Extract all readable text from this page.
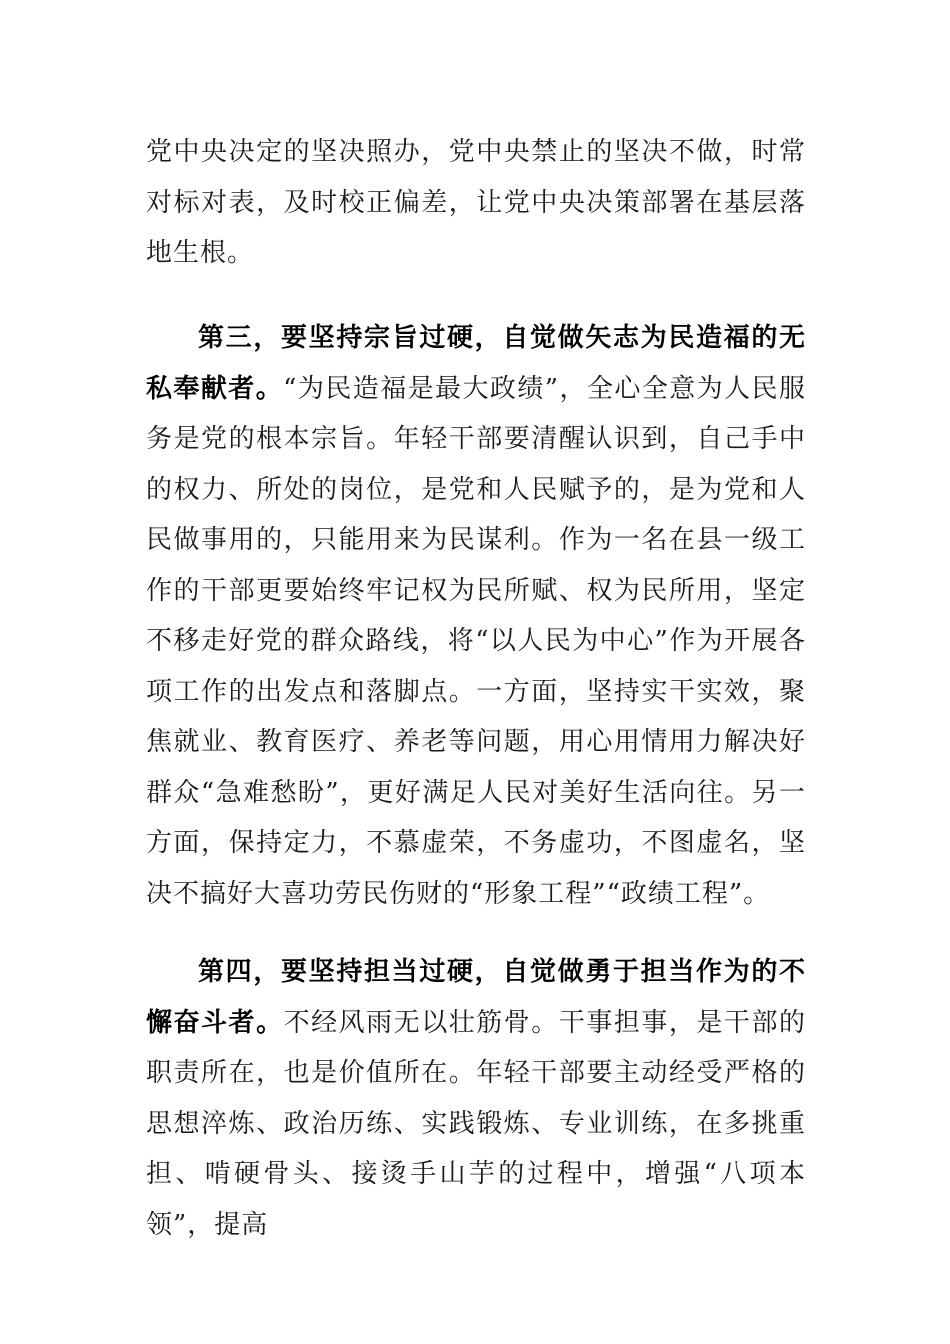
党中央决定的坚决照办，党中央禁止的坚决不做，时常对标对表，及时校正偏差，让党中央决策部署在基层落地生根。

第三，要坚持宗旨过硬，自觉做矢志为民造福的无私奉献者。“为民造福是最大政绩”，全心全意为人民服务是党的根本宗旨。年轻干部要清醒认识到，自己手中的权力、所处的岗位，是党和人民赋予的，是为党和人民做事用的，只能用来为民谋利。作为一名在县一级工作的干部更要始终牢记权为民所赋、权为民所用，坚定不移走好党的群众路线，将“以人民为中心”作为开展各项工作的出发点和落脚点。一方面，坚持实干实效，聚焦就业、教育医疗、养老等问题，用心用情用力解决好群众“急难愁盼”，更好满足人民对美好生活向往。另一方面，保持定力，不慕虚荣，不务虚功，不图虚名，坚决不搞好大喜功劳民伤财的“形象工程”“政绩工程”。

第四，要坚持担当过硬，自觉做勇于担当作为的不懈奋斗者。不经风雨无以壮筋骨。干事担事，是干部的职责所在，也是价值所在。年轻干部要主动经受严格的思想淬炼、政治历练、实践锻炼、专业训练，在多挑重担、啃硬骨头、接烫手山芋的过程中，增强“八项本领”，提高
